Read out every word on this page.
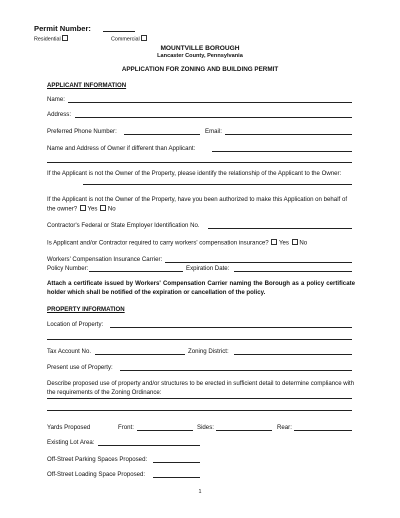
Permit Number:
Residential	Commercial
MOUNTVILLE BOROUGH
Lancaster County, Pennsylvania
APPLICATION FOR ZONING AND BUILDING PERMIT
APPLICANT INFORMATION
Name:
Address:
Preferred Phone Number:	Email:
Name and Address of Owner if different than Applicant:
If the Applicant is not the Owner of the Property, please identify the relationship of the Applicant to the Owner:
If the Applicant is not the Owner of the Property, have you been authorized to make this Application on behalf of the owner? Yes No
Contractor's Federal or State Employer Identification No.
Is Applicant and/or Contractor required to carry workers' compensation insurance? Yes No
Workers' Compensation Insurance Carrier:
Policy Number:	Expiration Date:
Attach a certificate issued by Workers' Compensation Carrier naming the Borough as a policy certificate holder which shall be notified of the expiration or cancellation of the policy.
PROPERTY INFORMATION
Location of Property:
Tax Account No.	Zoning District:
Present use of Property:
Describe proposed use of property and/or structures to be erected in sufficient detail to determine compliance with the requirements of the Zoning Ordinance:
Yards Proposed	Front:	Sides:	Rear:
Existing Lot Area:
Off-Street Parking Spaces Proposed:
Off-Street Loading Space Proposed:
1
